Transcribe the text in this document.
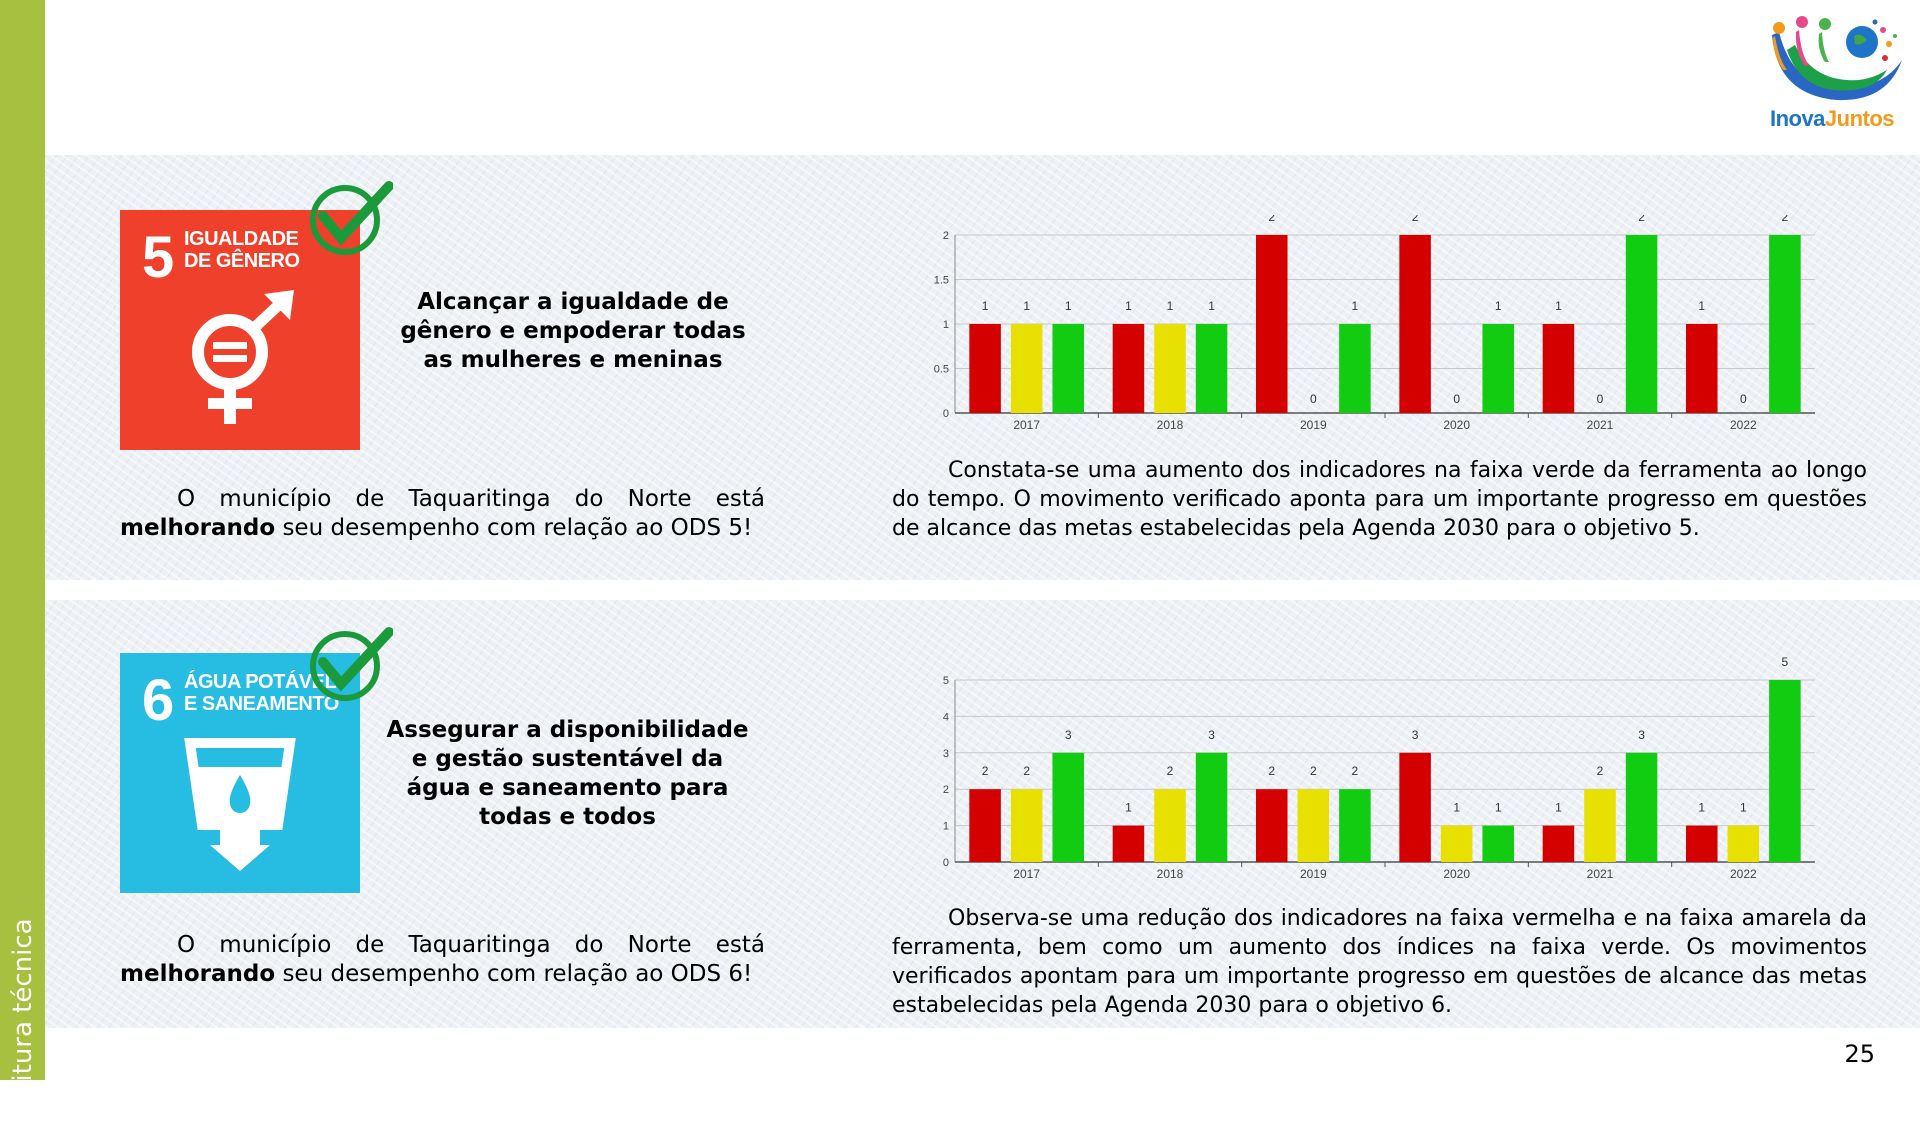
Leitura técnica
InovaJuntos
5 IGUALDADE
DE GÊNERO
Alcançar a igualdade de gênero e empoderar todas as mulheres e meninas

O município de Taquaritinga do Norte está

melhorando seu desempenho com relação ao ODS 5!

0
0.5
1
1.5
2
1	1	1
2017
1	1	1
2018
2
0
1
2019
2
0
1
2020
1
0
2
2021
1
0
2
2022
Constata-se uma aumento dos indicadores na faixa verde da ferramenta ao longo do tempo. O movimento verificado aponta para um importante progresso em questões de alcance das metas estabelecidas pela Agenda 2030 para o objetivo 5.
6 ÁGUA POTÁVEL
E SANEAMENTO
Assegurar a disponibilidade e gestão sustentável da água e saneamento para todas e todos

O município de Taquaritinga do Norte está

melhorando seu desempenho com relação ao ODS 6!

0
1
2
3
4
5
2	2
3
2017
1
2
3
2018
2	2	2
2019
3
1	1
2020
1
2
3
2021
1	1
5
2022
Observa-se uma redução dos indicadores na faixa vermelha e na faixa amarela da ferramenta, bem como um aumento dos índices na faixa verde. Os movimentos verificados apontam para um importante progresso em questões de alcance das metas estabelecidas pela Agenda 2030 para o objetivo 6.
25
